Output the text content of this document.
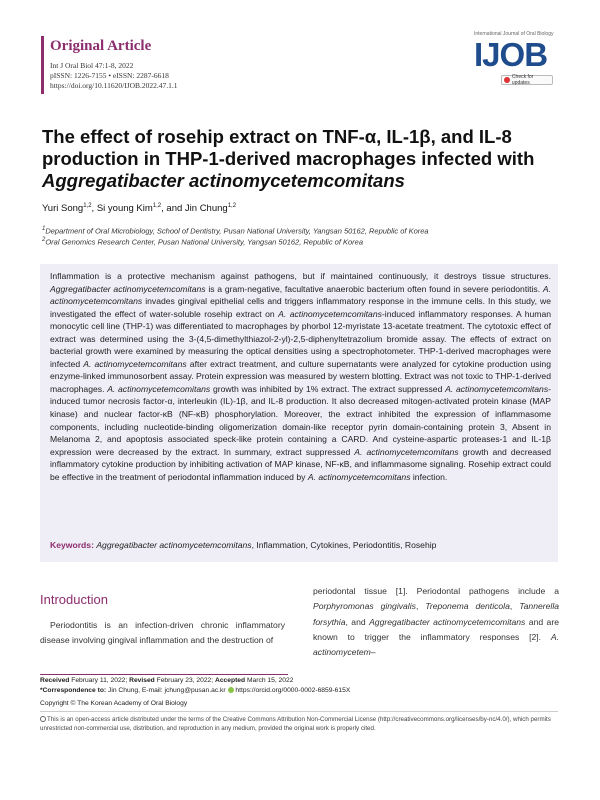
Original Article
Int J Oral Biol 47:1-8, 2022
pISSN: 1226-7155 • eISSN: 2287-6618
https://doi.org/10.11620/IJOB.2022.47.1.1
International Journal of Oral Biology
IJOB
Check for updates
The effect of rosehip extract on TNF-α, IL-1β, and IL-8
production in THP-1-derived macrophages infected with
Aggregatibacter actinomycetemcomitans
Yuri Song$^{1,2}$, Si young Kim$^{1,2}$, and Jin Chung$^{1,2}$
$^1$Department of Oral Microbiology, School of Dentistry, Pusan National University, Yangsan 50162, Republic of Korea
$^2$Oral Genomics Research Center, Pusan National University, Yangsan 50162, Republic of Korea
Inflammation is a protective mechanism against pathogens, but if maintained continuously, it destroys tissue structures. Aggregatibacter actinomycetemcomitans is a gram-negative, facultative anaerobic bacterium often found in severe periodontitis. A. actinomycetemcomitans invades gingival epithelial cells and triggers inflammatory response in the immune cells. In this study, we investigated the effect of water-soluble rosehip extract on A. actinomycetemcomitans-induced inflammatory responses. A human monocytic cell line (THP-1) was differentiated to macrophages by phorbol 12-myristate 13-acetate treatment. The cytotoxic effect of extract was determined using the 3-(4,5-dimethylthiazol-2-yl)-2,5-diphenyltetrazolium bromide assay. The effects of extract on bacterial growth were examined by measuring the optical densities using a spectrophotometer. THP-1-derived macrophages were infected A. actinomycetemcomitans after extract treatment, and culture supernatants were analyzed for cytokine production using enzyme-linked immunosorbent assay. Protein expression was measured by western blotting. Extract was not toxic to THP-1-derived macrophages. A. actinomycetemcomitans growth was inhibited by 1% extract. The extract suppressed A. actinomycetemcomitans-induced tumor necrosis factor-α, interleukin (IL)-1β, and IL-8 production. It also decreased mitogen-activated protein kinase (MAP kinase) and nuclear factor-κB (NF-κB) phosphorylation. Moreover, the extract inhibited the expression of inflammasome components, including nucleotide-binding oligomerization domain-like receptor pyrin domain-containing protein 3, Absent in Melanoma 2, and apoptosis associated speck-like protein containing a CARD. And cysteine-aspartic proteases-1 and IL-1β expression were decreased by the extract. In summary, extract suppressed A. actinomycetemcomitans growth and decreased inflammatory cytokine production by inhibiting activation of MAP kinase, NF-κB, and inflammasome signaling. Rosehip extract could be effective in the treatment of periodontal inflammation induced by A. actinomycetemcomitans infection.
Keywords: Aggregatibacter actinomycetemcomitans, Inflammation, Cytokines, Periodontitis, Rosehip
Introduction
Periodontitis is an infection-driven chronic inflammatory disease involving gingival inflammation and the destruction of
periodontal tissue [1]. Periodontal pathogens include a Porphyromonas gingivalis, Treponema denticola, Tannerella forsythia, and Aggregatibacter actinomycetemcomitans and are known to trigger the inflammatory responses [2]. A. actinomycetem–
Received February 11, 2022; Revised February 23, 2022; Accepted March 15, 2022
*Correspondence to: Jin Chung, E-mail: jchung@pusan.ac.kr https://orcid.org/0000-0002-6859-615X
Copyright © The Korean Academy of Oral Biology
This is an open-access article distributed under the terms of the Creative Commons Attribution Non-Commercial License (http://creativecommons.org/licenses/by-nc/4.0/), which permits unrestricted non-commercial use, distribution, and reproduction in any medium, provided the original work is properly cited.
